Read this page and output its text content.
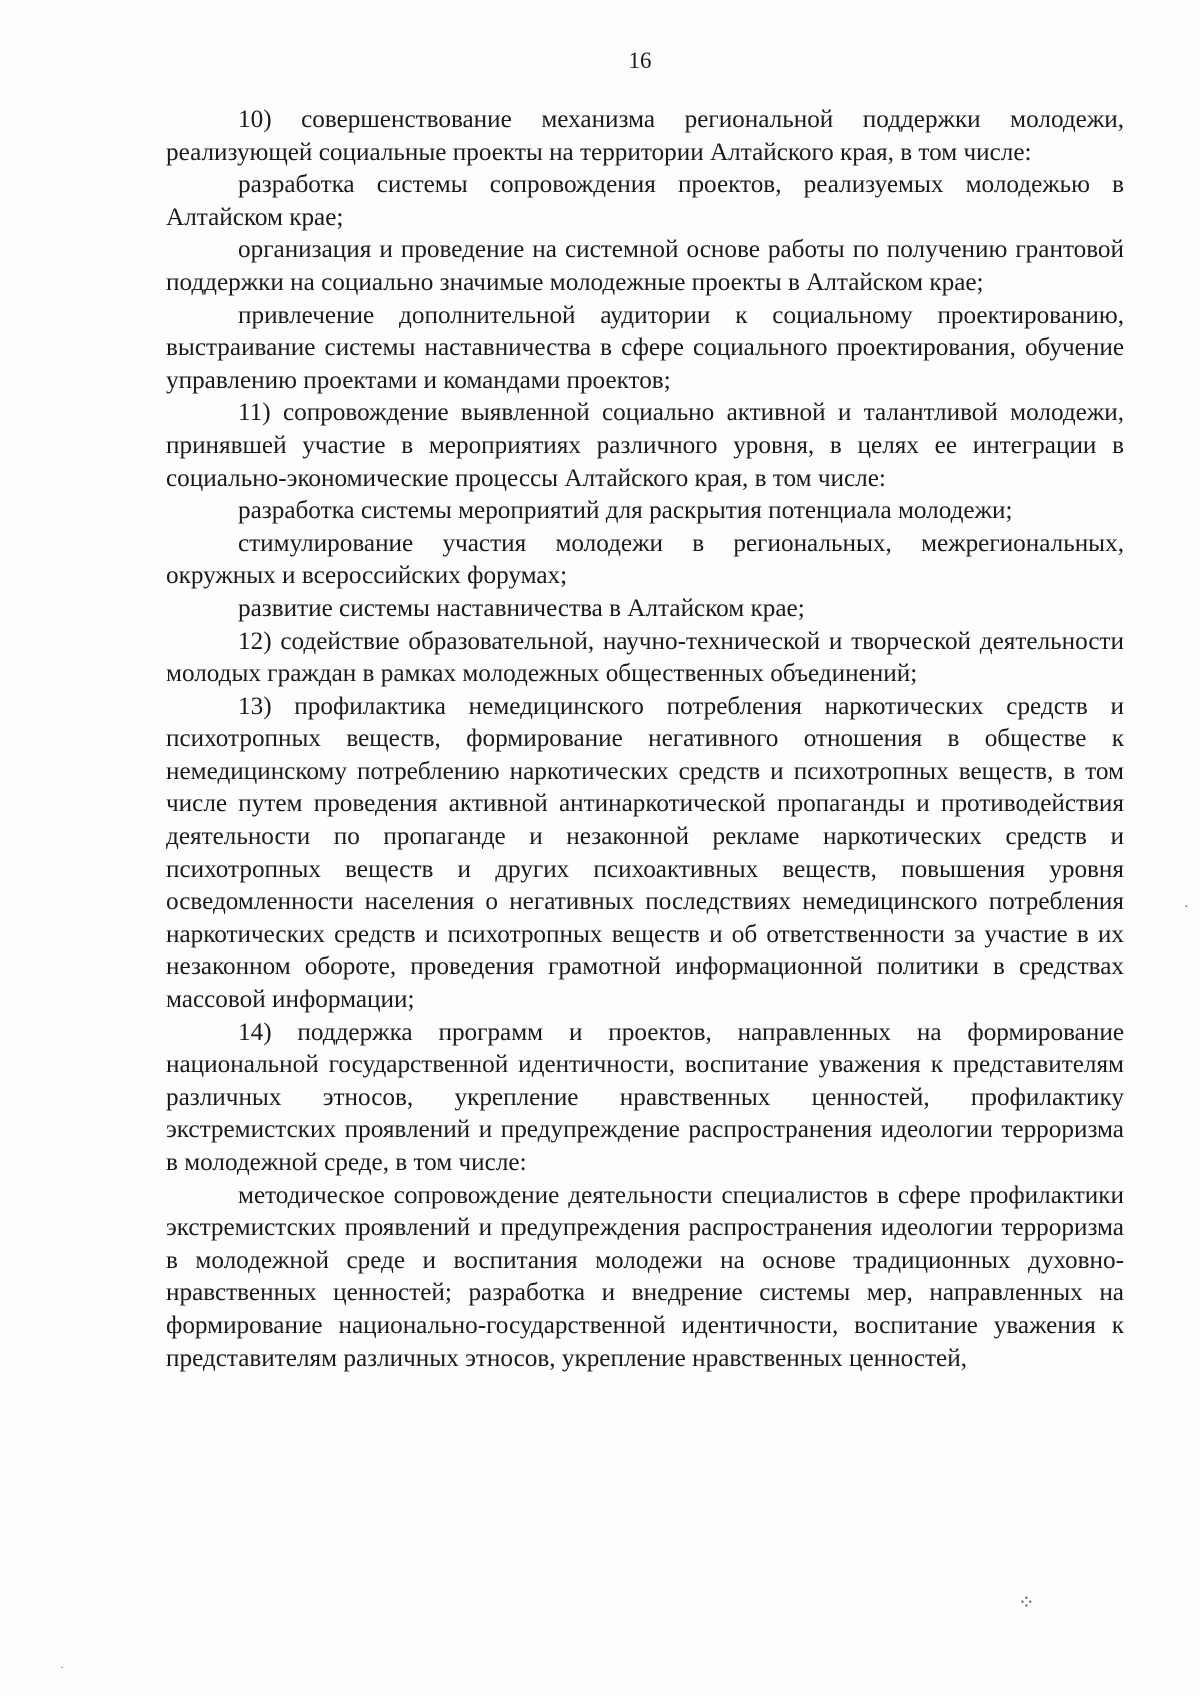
16

10) совершенствование механизма региональной поддержки молодежи, реализующей социальные проекты на территории Алтайского края, в том числе:

разработка системы сопровождения проектов, реализуемых молодежью в Алтайском крае;

организация и проведение на системной основе работы по получению грантовой поддержки на социально значимые молодежные проекты в Алтайском крае;

привлечение дополнительной аудитории к социальному проектированию, выстраивание системы наставничества в сфере социального проектирования, обучение управлению проектами и командами проектов;

11) сопровождение выявленной социально активной и талантливой молодежи, принявшей участие в мероприятиях различного уровня, в целях ее интеграции в социально-экономические процессы Алтайского края, в том числе:

разработка системы мероприятий для раскрытия потенциала молодежи;

стимулирование участия молодежи в региональных, межрегиональных, окружных и всероссийских форумах;

развитие системы наставничества в Алтайском крае;

12) содействие образовательной, научно-технической и творческой деятельности молодых граждан в рамках молодежных общественных объединений;

13) профилактика немедицинского потребления наркотических средств и психотропных веществ, формирование негативного отношения в обществе к немедицинскому потреблению наркотических средств и психотропных веществ, в том числе путем проведения активной антинаркотической пропаганды и противодействия деятельности по пропаганде и незаконной рекламе наркотических средств и психотропных веществ и других психоактивных веществ, повышения уровня осведомленности населения о негативных последствиях немедицинского потребления наркотических средств и психотропных веществ и об ответственности за участие в их незаконном обороте, проведения грамотной информационной политики в средствах массовой информации;

14) поддержка программ и проектов, направленных на формирование национальной государственной идентичности, воспитание уважения к представителям различных этносов, укрепление нравственных ценностей, профилактику экстремистских проявлений и предупреждение распространения идеологии терроризма в молодежной среде, в том числе:

методическое сопровождение деятельности специалистов в сфере профилактики экстремистских проявлений и предупреждения распространения идеологии терроризма в молодежной среде и воспитания молодежи на основе традиционных духовно-нравственных ценностей; разработка и внедрение системы мер, направленных на формирование национально-государственной идентичности, воспитание уважения к представителям различных этносов, укрепление нравственных ценностей,

⁘
·
·
